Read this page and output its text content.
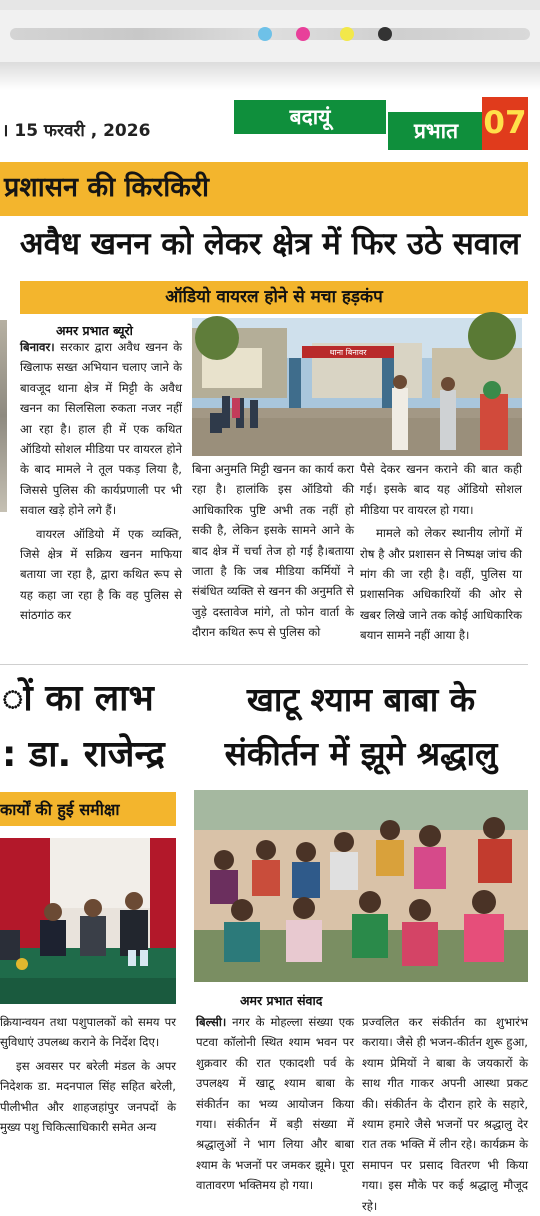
। 15 फरवरी , 2026
बदायूं
प्रभात 07
प्रशासन की किरकिरी
अवैध खनन को लेकर क्षेत्र में फिर उठे सवाल
ऑडियो वायरल होने से मचा हड़कंप
अमर प्रभात ब्यूरो
बिनावर। सरकार द्वारा अवैध खनन के खिलाफ सख्त अभियान चलाए जाने के बावजूद थाना क्षेत्र में मिट्टी के अवैध खनन का सिलसिला रुकता नजर नहीं आ रहा है। हाल ही में एक कथित ऑडियो सोशल मीडिया पर वायरल होने के बाद मामले ने तूल पकड़ लिया है, जिससे पुलिस की कार्यप्रणाली पर भी सवाल खड़े होने लगे हैं।
वायरल ऑडियो में एक व्यक्ति, जिसे क्षेत्र में सक्रिय खनन माफिया बताया जा रहा है, द्वारा कथित रूप से यह कहा जा रहा है कि वह पुलिस से सांठगांठ कर
थाना बिनावर
बिना अनुमति मिट्टी खनन का कार्य करा रहा है। हालांकि इस ऑडियो की आधिकारिक पुष्टि अभी तक नहीं हो सकी है, लेकिन इसके सामने आने के बाद क्षेत्र में चर्चा तेज हो गई है।बताया जाता है कि जब मीडिया कर्मियों ने संबंधित व्यक्ति से खनन की अनुमति से जुड़े दस्तावेज मांगे, तो फोन वार्ता के दौरान कथित रूप से पुलिस को
पैसे देकर खनन कराने की बात कही गई। इसके बाद यह ऑडियो सोशल मीडिया पर वायरल हो गया।
मामले को लेकर स्थानीय लोगों में रोष है और प्रशासन से निष्पक्ष जांच की मांग की जा रही है। वहीं, पुलिस या प्रशासनिक अधिकारियों की ओर से खबर लिखे जाने तक कोई आधिकारिक बयान सामने नहीं आया है।
ों का लाभ
: डा. राजेन्द्र
कार्यों की हुई समीक्षा
क्रियान्वयन तथा पशुपालकों को समय पर सुविधाएं उपलब्ध कराने के निर्देश दिए।
इस अवसर पर बरेली मंडल के अपर निदेशक डा. मदनपाल सिंह सहित बरेली, पीलीभीत और शाहजहांपुर जनपदों के मुख्य पशु चिकित्साधिकारी समेत अन्य
खाटू श्याम बाबा के
संकीर्तन में झूमे श्रद्धालु
अमर प्रभात संवाद
बिल्सी। नगर के मोहल्ला संख्या एक पटवा कॉलोनी स्थित श्याम भवन पर शुक्रवार की रात एकादशी पर्व के उपलक्ष्य में खाटू श्याम बाबा के संकीर्तन का भव्य आयोजन किया गया। संकीर्तन में बड़ी संख्या में श्रद्धालुओं ने भाग लिया और बाबा श्याम के भजनों पर जमकर झूमे। पूरा वातावरण भक्तिमय हो गया।
प्रज्वलित कर संकीर्तन का शुभारंभ कराया। जैसे ही भजन-कीर्तन शुरू हुआ, श्याम प्रेमियों ने बाबा के जयकारों के साथ गीत गाकर अपनी आस्था प्रकट की। संकीर्तन के दौरान हारे के सहारे, श्याम हमारे जैसे भजनों पर श्रद्धालु देर रात तक भक्ति में लीन रहे। कार्यक्रम के समापन पर प्रसाद वितरण भी किया गया। इस मौके पर कई श्रद्धालु मौजूद रहे।
